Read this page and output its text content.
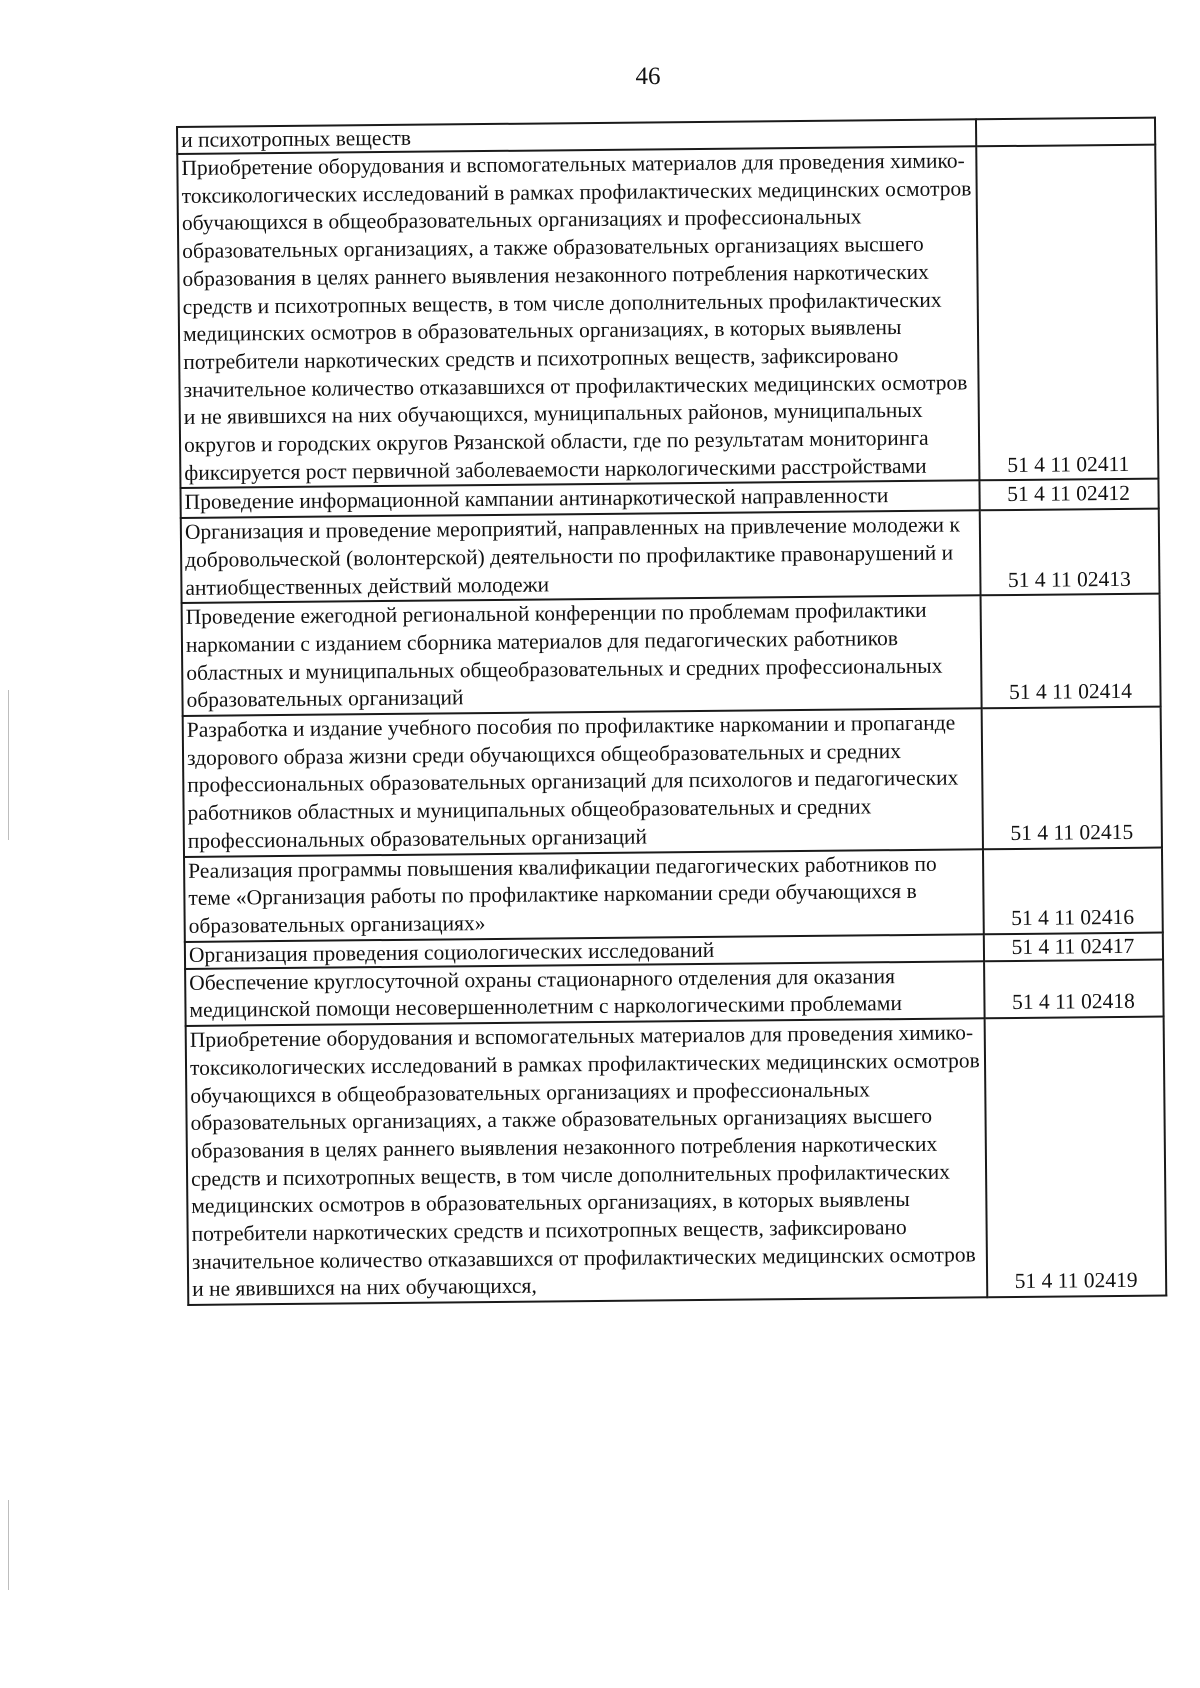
46
и психотропных веществ	
Приобретение оборудования и вспомогательных материалов для проведения химико-токсикологических исследований в рамках профилактических медицинских осмотров обучающихся в общеобразовательных организациях и профессиональных образовательных организациях, а также образовательных организациях высшего образования в целях раннего выявления незаконного потребления наркотических средств и психотропных веществ, в том числе дополнительных профилактических медицинских осмотров в образовательных организациях, в которых выявлены потребители наркотических средств и психотропных веществ, зафиксировано значительное количество отказавшихся от профилактических медицинских осмотров и не явившихся на них обучающихся, муниципальных районов, муниципальных округов и городских округов Рязанской области, где по результатам мониторинга фиксируется рост первичной заболеваемости наркологическими расстройствами	51 4 11 02411
Проведение информационной кампании антинаркотической направленности	51 4 11 02412
Организация и проведение мероприятий, направленных на привлечение молодежи к добровольческой (волонтерской) деятельности по профилактике правонарушений и антиобщественных действий молодежи	51 4 11 02413
Проведение ежегодной региональной конференции по проблемам профилактики наркомании с изданием сборника материалов для педагогических работников областных и муниципальных общеобразовательных и средних профессиональных образовательных организаций	51 4 11 02414
Разработка и издание учебного пособия по профилактике наркомании и пропаганде здорового образа жизни среди обучающихся общеобразовательных и средних профессиональных образовательных организаций для психологов и педагогических работников областных и муниципальных общеобразовательных и средних профессиональных образовательных организаций	51 4 11 02415
Реализация программы повышения квалификации педагогических работников по теме «Организация работы по профилактике наркомании среди обучающихся в образовательных организациях»	51 4 11 02416
Организация проведения социологических исследований	51 4 11 02417
Обеспечение круглосуточной охраны стационарного отделения для оказания медицинской помощи несовершеннолетним с наркологическими проблемами	51 4 11 02418
Приобретение оборудования и вспомогательных материалов для проведения химико-токсикологических исследований в рамках профилактических медицинских осмотров обучающихся в общеобразовательных организациях и профессиональных образовательных организациях, а также образовательных организациях высшего образования в целях раннего выявления незаконного потребления наркотических средств и психотропных веществ, в том числе дополнительных профилактических медицинских осмотров в образовательных организациях, в которых выявлены потребители наркотических средств и психотропных веществ, зафиксировано значительное количество отказавшихся от профилактических медицинских осмотров и не явившихся на них обучающихся,	51 4 11 02419
